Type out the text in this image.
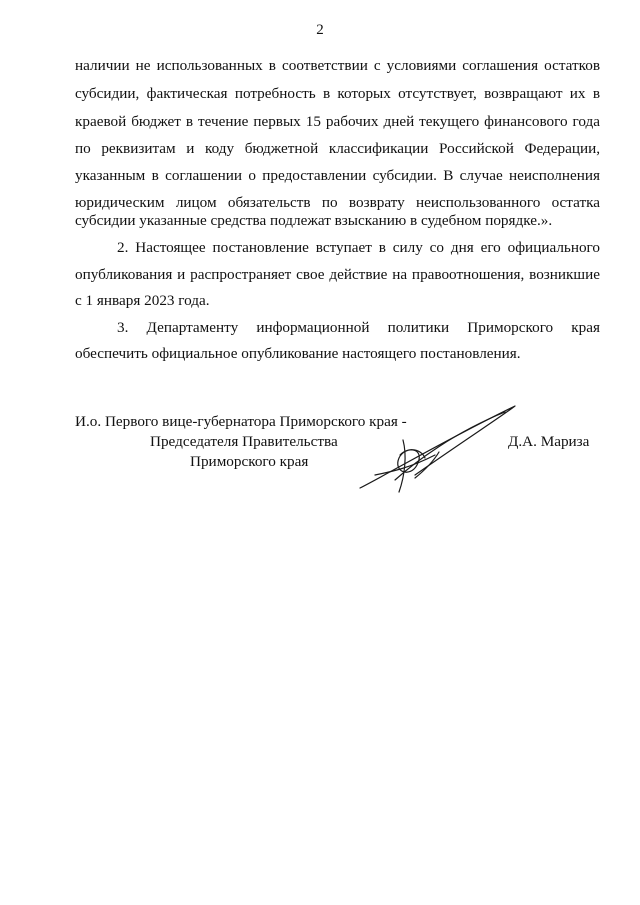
2
наличии не использованных в соответствии с условиями соглашения остатков
субсидии, фактическая потребность в которых отсутствует, возвращают их в
краевой бюджет в течение первых 15 рабочих дней текущего финансового года
по реквизитам и коду бюджетной классификации Российской Федерации,
указанным в соглашении о предоставлении субсидии. В случае неисполнения
юридическим лицом обязательств по возврату неиспользованного остатка
субсидии указанные средства подлежат взысканию в судебном порядке.».
2. Настоящее постановление вступает в силу со дня его официального
опубликования и распространяет свое действие на правоотношения, возникшие
с 1 января 2023 года.
3. Департаменту информационной политики Приморского края
обеспечить официальное опубликование настоящего постановления.
И.о. Первого вице-губернатора Приморского края -
Председателя Правительства
Приморского края
Д.А. Мариза
